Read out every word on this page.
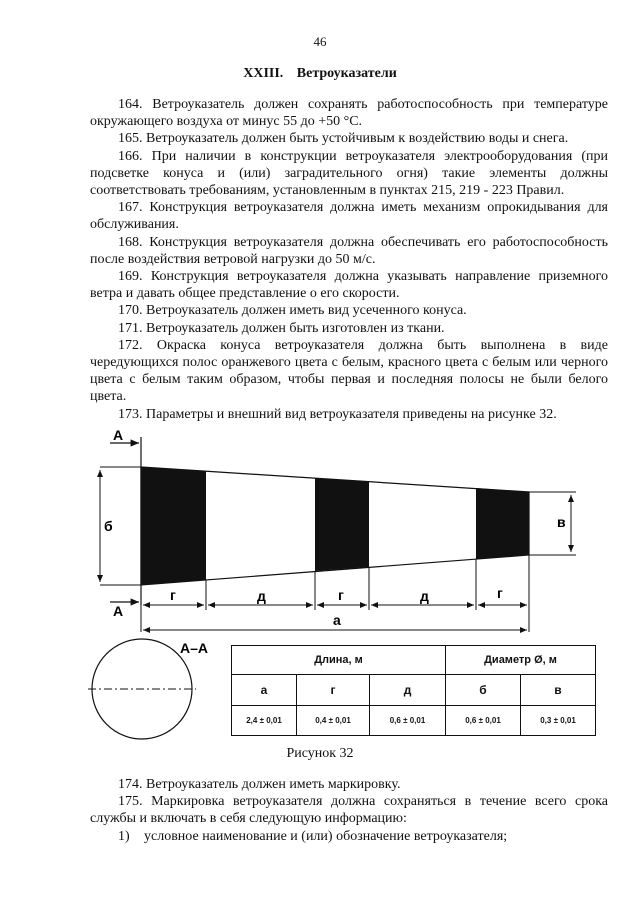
46
XXIII. Ветроуказатели

164. Ветроуказатель должен сохранять работоспособность при температуре окружающего воздуха от минус 55 до +50 °С.

165. Ветроуказатель должен быть устойчивым к воздействию воды и снега.

166. При наличии в конструкции ветроуказателя электрооборудования (при подсветке конуса и (или) заградительного огня) такие элементы должны соответствовать требованиям, установленным в пунктах 215, 219 - 223 Правил.

167. Конструкция ветроуказателя должна иметь механизм опрокидывания для обслуживания.

168. Конструкция ветроуказателя должна обеспечивать его работоспособность после воздействия ветровой нагрузки до 50 м/с.

169. Конструкция ветроуказателя должна указывать направление приземного ветра и давать общее представление о его скорости.

170. Ветроуказатель должен иметь вид усеченного конуса.

171. Ветроуказатель должен быть изготовлен из ткани.

172. Окраска конуса ветроуказателя должна быть выполнена в виде чередующихся полос оранжевого цвета с белым, красного цвета с белым или черного цвета с белым таким образом, чтобы первая и последняя полосы не были белого цвета.

173. Параметры и внешний вид ветроуказателя приведены на рисунке 32.

А
А
б	в
г	д	г	д	г
а
А–А
Длина, м			Диаметр Ø, м	
а	г	д	б	в
2,4 ± 0,01	0,4 ± 0,01	0,6 ± 0,01	0,6 ± 0,01	0,3 ± 0,01
Рисунок 32

174. Ветроуказатель должен иметь маркировку.

175. Маркировка ветроуказателя должна сохраняться в течение всего срока службы и включать в себя следующую информацию:

1) условное наименование и (или) обозначение ветроуказателя;
